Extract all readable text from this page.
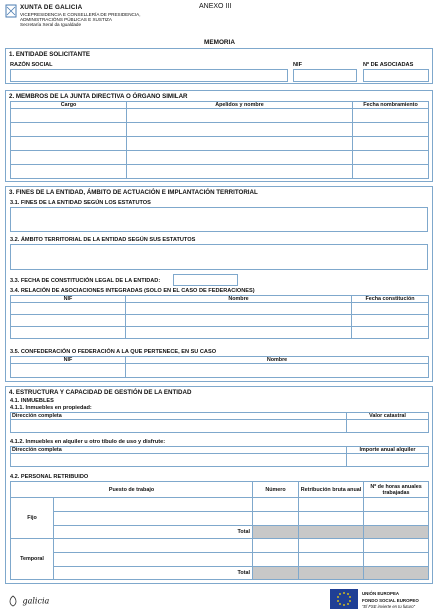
XUNTA DE GALICIA
VICEPRESIDENCIA E CONSELLERÍA DE PRESIDENCIA,
ADMINISTRACIÓNS PÚBLICAS E XUSTIZA
Secretaría Xeral da Igualdade
ANEXO III
MEMORIA
1. ENTIDADE SOLICITANTE
RAZÓN SOCIAL	NIF	Nº DE ASOCIADAS
2. MEMBROS DE LA JUNTA DIRECTIVA O ÓRGANO SIMILAR
Cargo	Apelidos y nombre	Fecha nombramiento

3. FINES DE LA ENTIDAD, ÁMBITO DE ACTUACIÓN E IMPLANTACIÓN TERRITORIAL
3.1. FINES DE LA ENTIDAD SEGÚN LOS ESTATUTOS
3.2. ÁMBITO TERRITORIAL DE LA ENTIDAD SEGÚN SUS ESTATUTOS
3.3. FECHA DE CONSTITUCIÓN LEGAL DE LA ENTIDAD:
3.4. RELACIÓN DE ASOCIACIONES INTEGRADAS (SOLO EN EL CASO DE FEDERACIONES)
NIF	Nombre	Fecha constitución

3.5. CONFEDERACIÓN O FEDERACIÓN A LA QUE PERTENECE, EN SU CASO
NIF	Nombre

4. ESTRUCTURA Y CAPACIDAD DE GESTIÓN DE LA ENTIDAD
4.1. INMUEBLES
4.1.1. Inmuebles en propiedad:
Dirección completa	Valor catastral

4.1.2. Inmuebles en alquiler u otro tíbulo de uso y disfrute:
Dirección completa	Importe anual alquiler

4.2. PERSONAL RETRIBUIDO
Puesto de trabajo		Número	Retribución bruta anual	Nº de horas anuales trabajadas
Fijo				

	Total			
Temporal				

	Total			
galicia
UNIÓN EUROPEA
FONDO SOCIAL EUROPEO
"El FSE invierte en tu futuro"
